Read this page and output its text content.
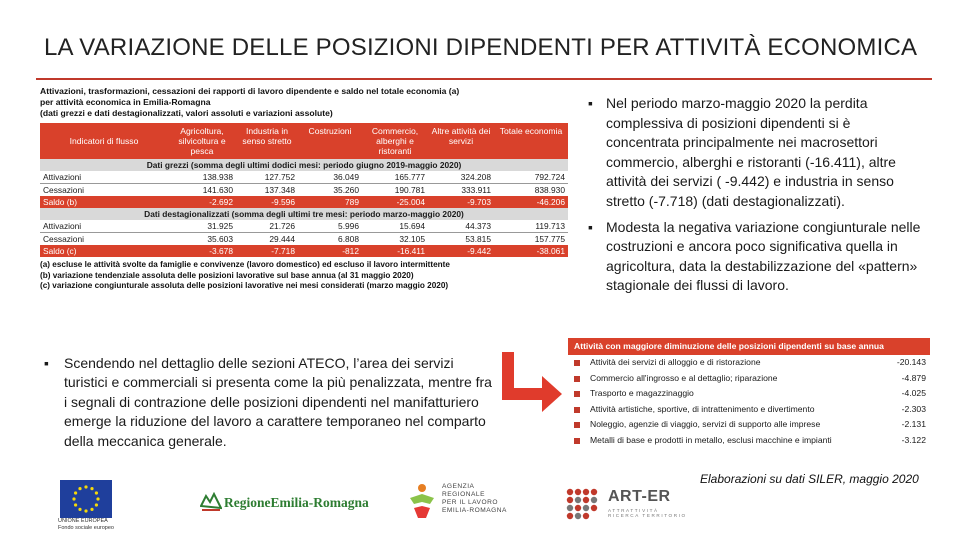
LA VARIAZIONE DELLE POSIZIONI DIPENDENTI PER ATTIVITÀ ECONOMICA
Attivazioni, trasformazioni, cessazioni dei rapporti di lavoro dipendente e saldo nel totale economia (a)
per attività economica in Emilia-Romagna
(dati grezzi e dati destagionalizzati, valori assoluti e variazioni assolute)
Indicatori di flusso	Agricoltura, silvicoltura e pesca	Industria in senso stretto	Costruzioni	Commercio, alberghi e ristoranti	Altre attività dei servizi	Totale economia
Dati grezzi (somma degli ultimi dodici mesi: periodo giugno 2019-maggio 2020)						
Attivazioni	138.938	127.752	36.049	165.777	324.208	792.724
Cessazioni	141.630	137.348	35.260	190.781	333.911	838.930
Saldo (b)	-2.692	-9.596	789	-25.004	-9.703	-46.206
Dati destagionalizzati (somma degli ultimi tre mesi: periodo marzo-maggio 2020)						
Attivazioni	31.925	21.726	5.996	15.694	44.373	119.713
Cessazioni	35.603	29.444	6.808	32.105	53.815	157.775
Saldo (c)	-3.678	-7.718	-812	-16.411	-9.442	-38.061
(a) escluse le attività svolte da famiglie e convivenze (lavoro domestico) ed escluso il lavoro intermittente
(b) variazione tendenziale assoluta delle posizioni lavorative sul base annua (al 31 maggio 2020)
(c) variazione congiunturale assoluta delle posizioni lavorative nei mesi considerati (marzo maggio 2020)
▪ Nel periodo marzo-maggio 2020 la perdita complessiva di posizioni dipendenti si è concentrata principalmente nei macrosettori commercio, alberghi e ristoranti (-16.411), altre attività dei servizi ( -9.442) e industria in senso stretto (-7.718) (dati destagionalizzati).
▪ Modesta la negativa variazione congiunturale nelle costruzioni e ancora poco significativa quella in agricoltura, data la destabilizzazione del «pattern» stagionale dei flussi di lavoro.
▪ Scendendo nel dettaglio delle sezioni ATECO, l’area dei servizi turistici e commerciali si presenta come la più penalizzata, mentre fra i segnali di contrazione delle posizioni dipendenti nel manifatturiero emerge la riduzione del lavoro a carattere temporaneo nel comparto della meccanica generale.
Attività con maggiore diminuzione delle posizioni dipendenti su base annua
Attività dei servizi di alloggio e di ristorazione	-20.143
Commercio all'ingrosso e al dettaglio; riparazione	-4.879
Trasporto e magazzinaggio	-4.025
Attività artistiche, sportive, di intrattenimento e divertimento	-2.303
Noleggio, agenzie di viaggio, servizi di supporto alle imprese	-2.131
Metalli di base e prodotti in metallo, esclusi macchine e impianti	-3.122
Elaborazioni su dati SILER, maggio 2020
UNIONE EUROPEA Fondo sociale europeo
RegioneEmilia-Romagna
AGENZIA
REGIONALE
PER IL LAVORO
EMILIA-ROMAGNA
ART-ER
ATTRATTIVITÀ RICERCA TERRITORIO
